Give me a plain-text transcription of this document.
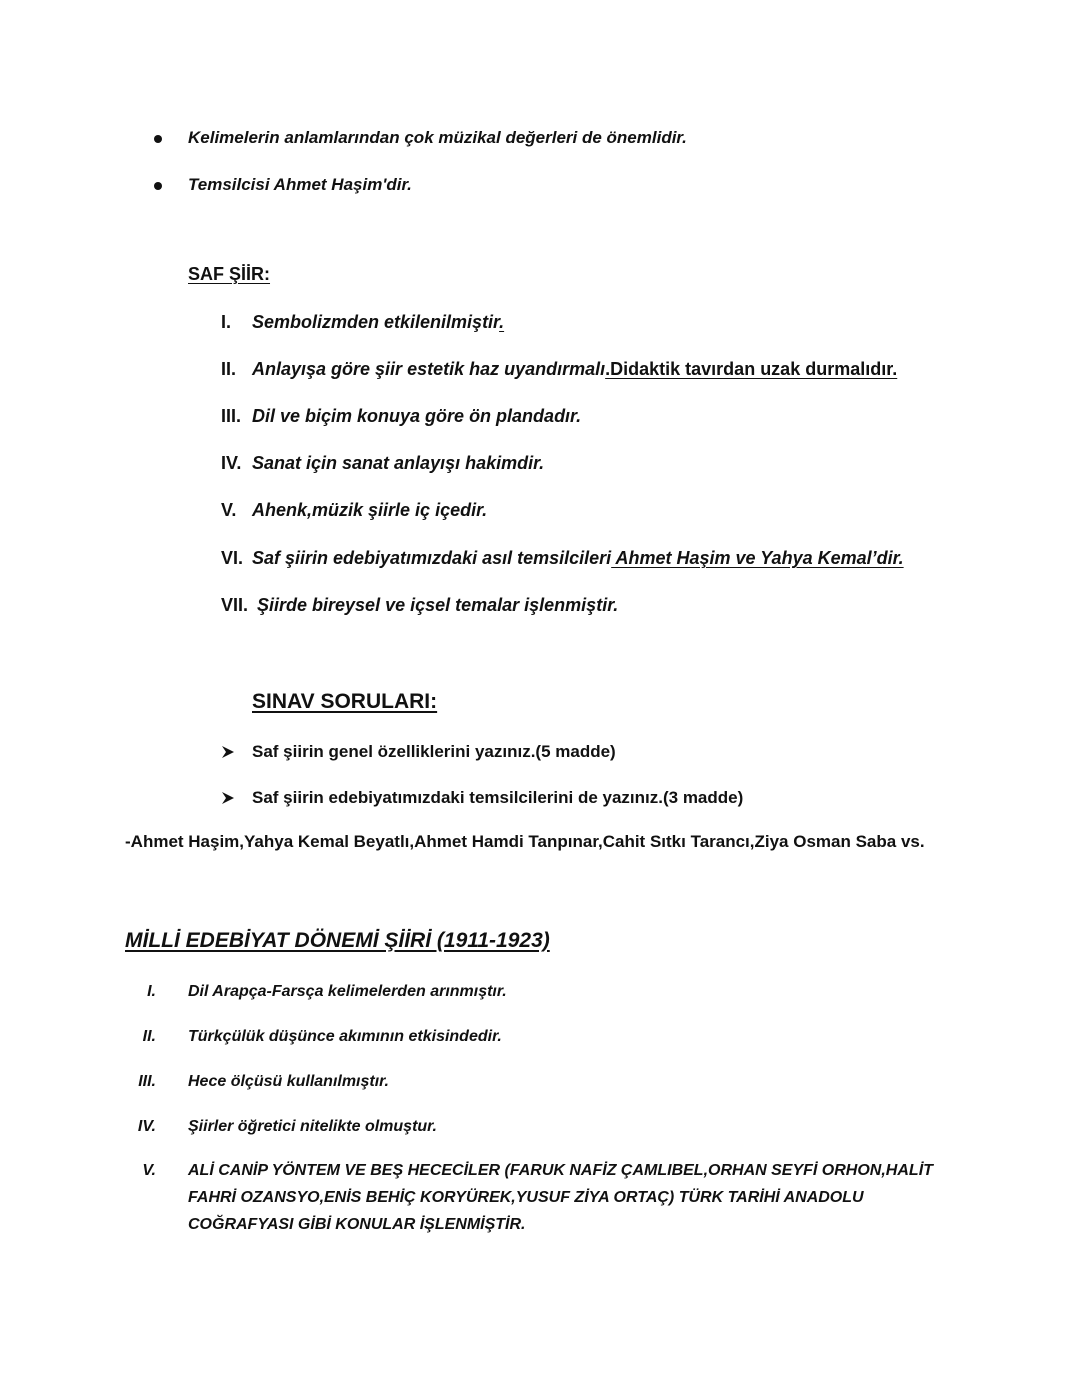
Kelimelerin anlamlarından çok müzikal değerleri de önemlidir.
Temsilcisi Ahmet Haşim'dir.
SAF ŞİİR:
I.	Sembolizmden etkilenilmiştir.
II. Anlayışa göre şiir estetik haz uyandırmalı.Didaktik tavırdan uzak durmalıdır.
III. Dil ve biçim konuya göre ön plandadır.
IV. Sanat için sanat anlayışı hakimdir.
V. Ahenk,müzik şiirle iç içedir.
VI. Saf şiirin edebiyatımızdaki asıl temsilcileri Ahmet Haşim ve Yahya Kemal’dir.
VII. Şiirde bireysel ve içsel temalar işlenmiştir.
SINAV SORULARI:
Saf şiirin genel özelliklerini yazınız.(5 madde)
Saf şiirin edebiyatımızdaki temsilcilerini de yazınız.(3 madde)
-Ahmet Haşim,Yahya Kemal Beyatlı,Ahmet Hamdi Tanpınar,Cahit Sıtkı Tarancı,Ziya Osman Saba vs.
MİLLİ EDEBİYAT DÖNEMİ ŞİİRİ (1911-1923)
I. Dil Arapça-Farsça kelimelerden arınmıştır.
II. Türkçülük düşünce akımının etkisindedir.
III. Hece ölçüsü kullanılmıştır.
IV. Şiirler öğretici nitelikte olmuştur.
V. ALİ CANİP YÖNTEM VE BEŞ HECECİLER (FARUK NAFİZ ÇAMLIBEL,ORHAN SEYFİ ORHON,HALİT FAHRİ OZANSYO,ENİS BEHİÇ KORYÜREK,YUSUF ZİYA ORTAÇ) TÜRK TARİHİ ANADOLU COĞRAFYASI GİBİ KONULAR İŞLENMİŞTİR.
